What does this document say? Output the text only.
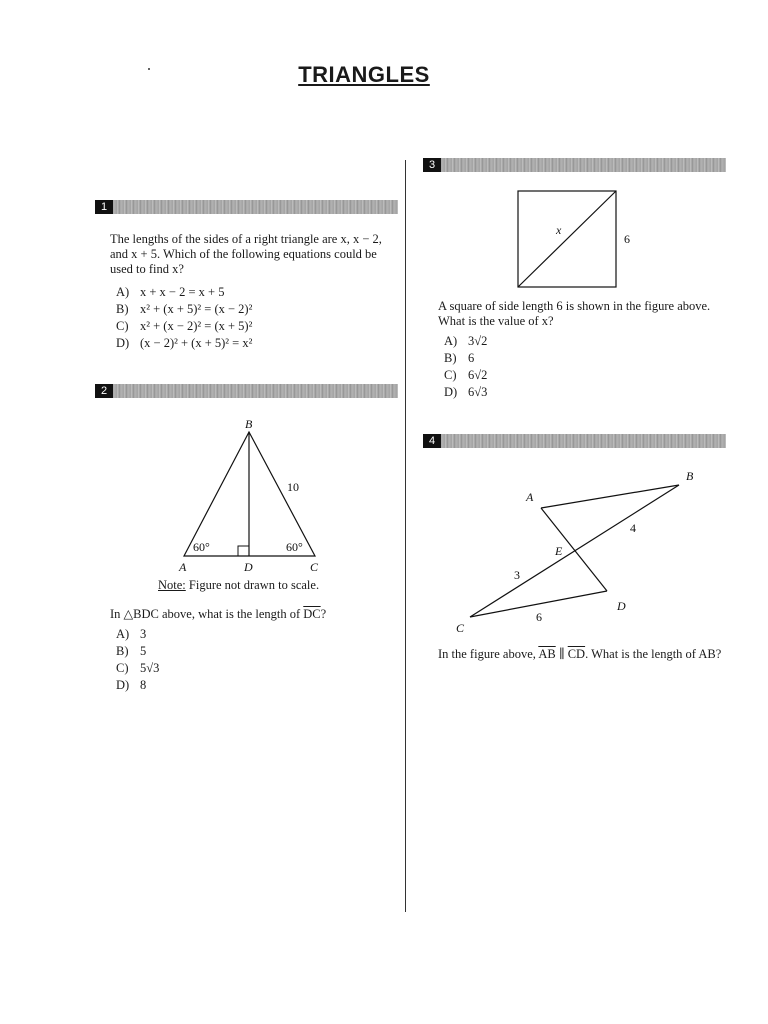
TRIANGLES
1
The lengths of the sides of a right triangle are x, x − 2, and x + 5. Which of the following equations could be used to find x?
A) x + x − 2 = x + 5
B) x² + (x + 5)² = (x − 2)²
C) x² + (x − 2)² = (x + 5)²
D) (x − 2)² + (x + 5)² = x²
2
B
10
60°	60°
A	D	C
Note: Figure not drawn to scale.
In △BDC above, what is the length of $\overline{DC}$?
A) 3
B) 5
C) 5√3
D) 8
3
x
6
A square of side length 6 is shown in the figure above. What is the value of x?
A) 3√2
B) 6
C) 6√2
D) 6√3
4
A
B
C
D
E
4
3
6
In the figure above, $\overline{AB}$ ∥ $\overline{CD}$. What is the length of AB?
